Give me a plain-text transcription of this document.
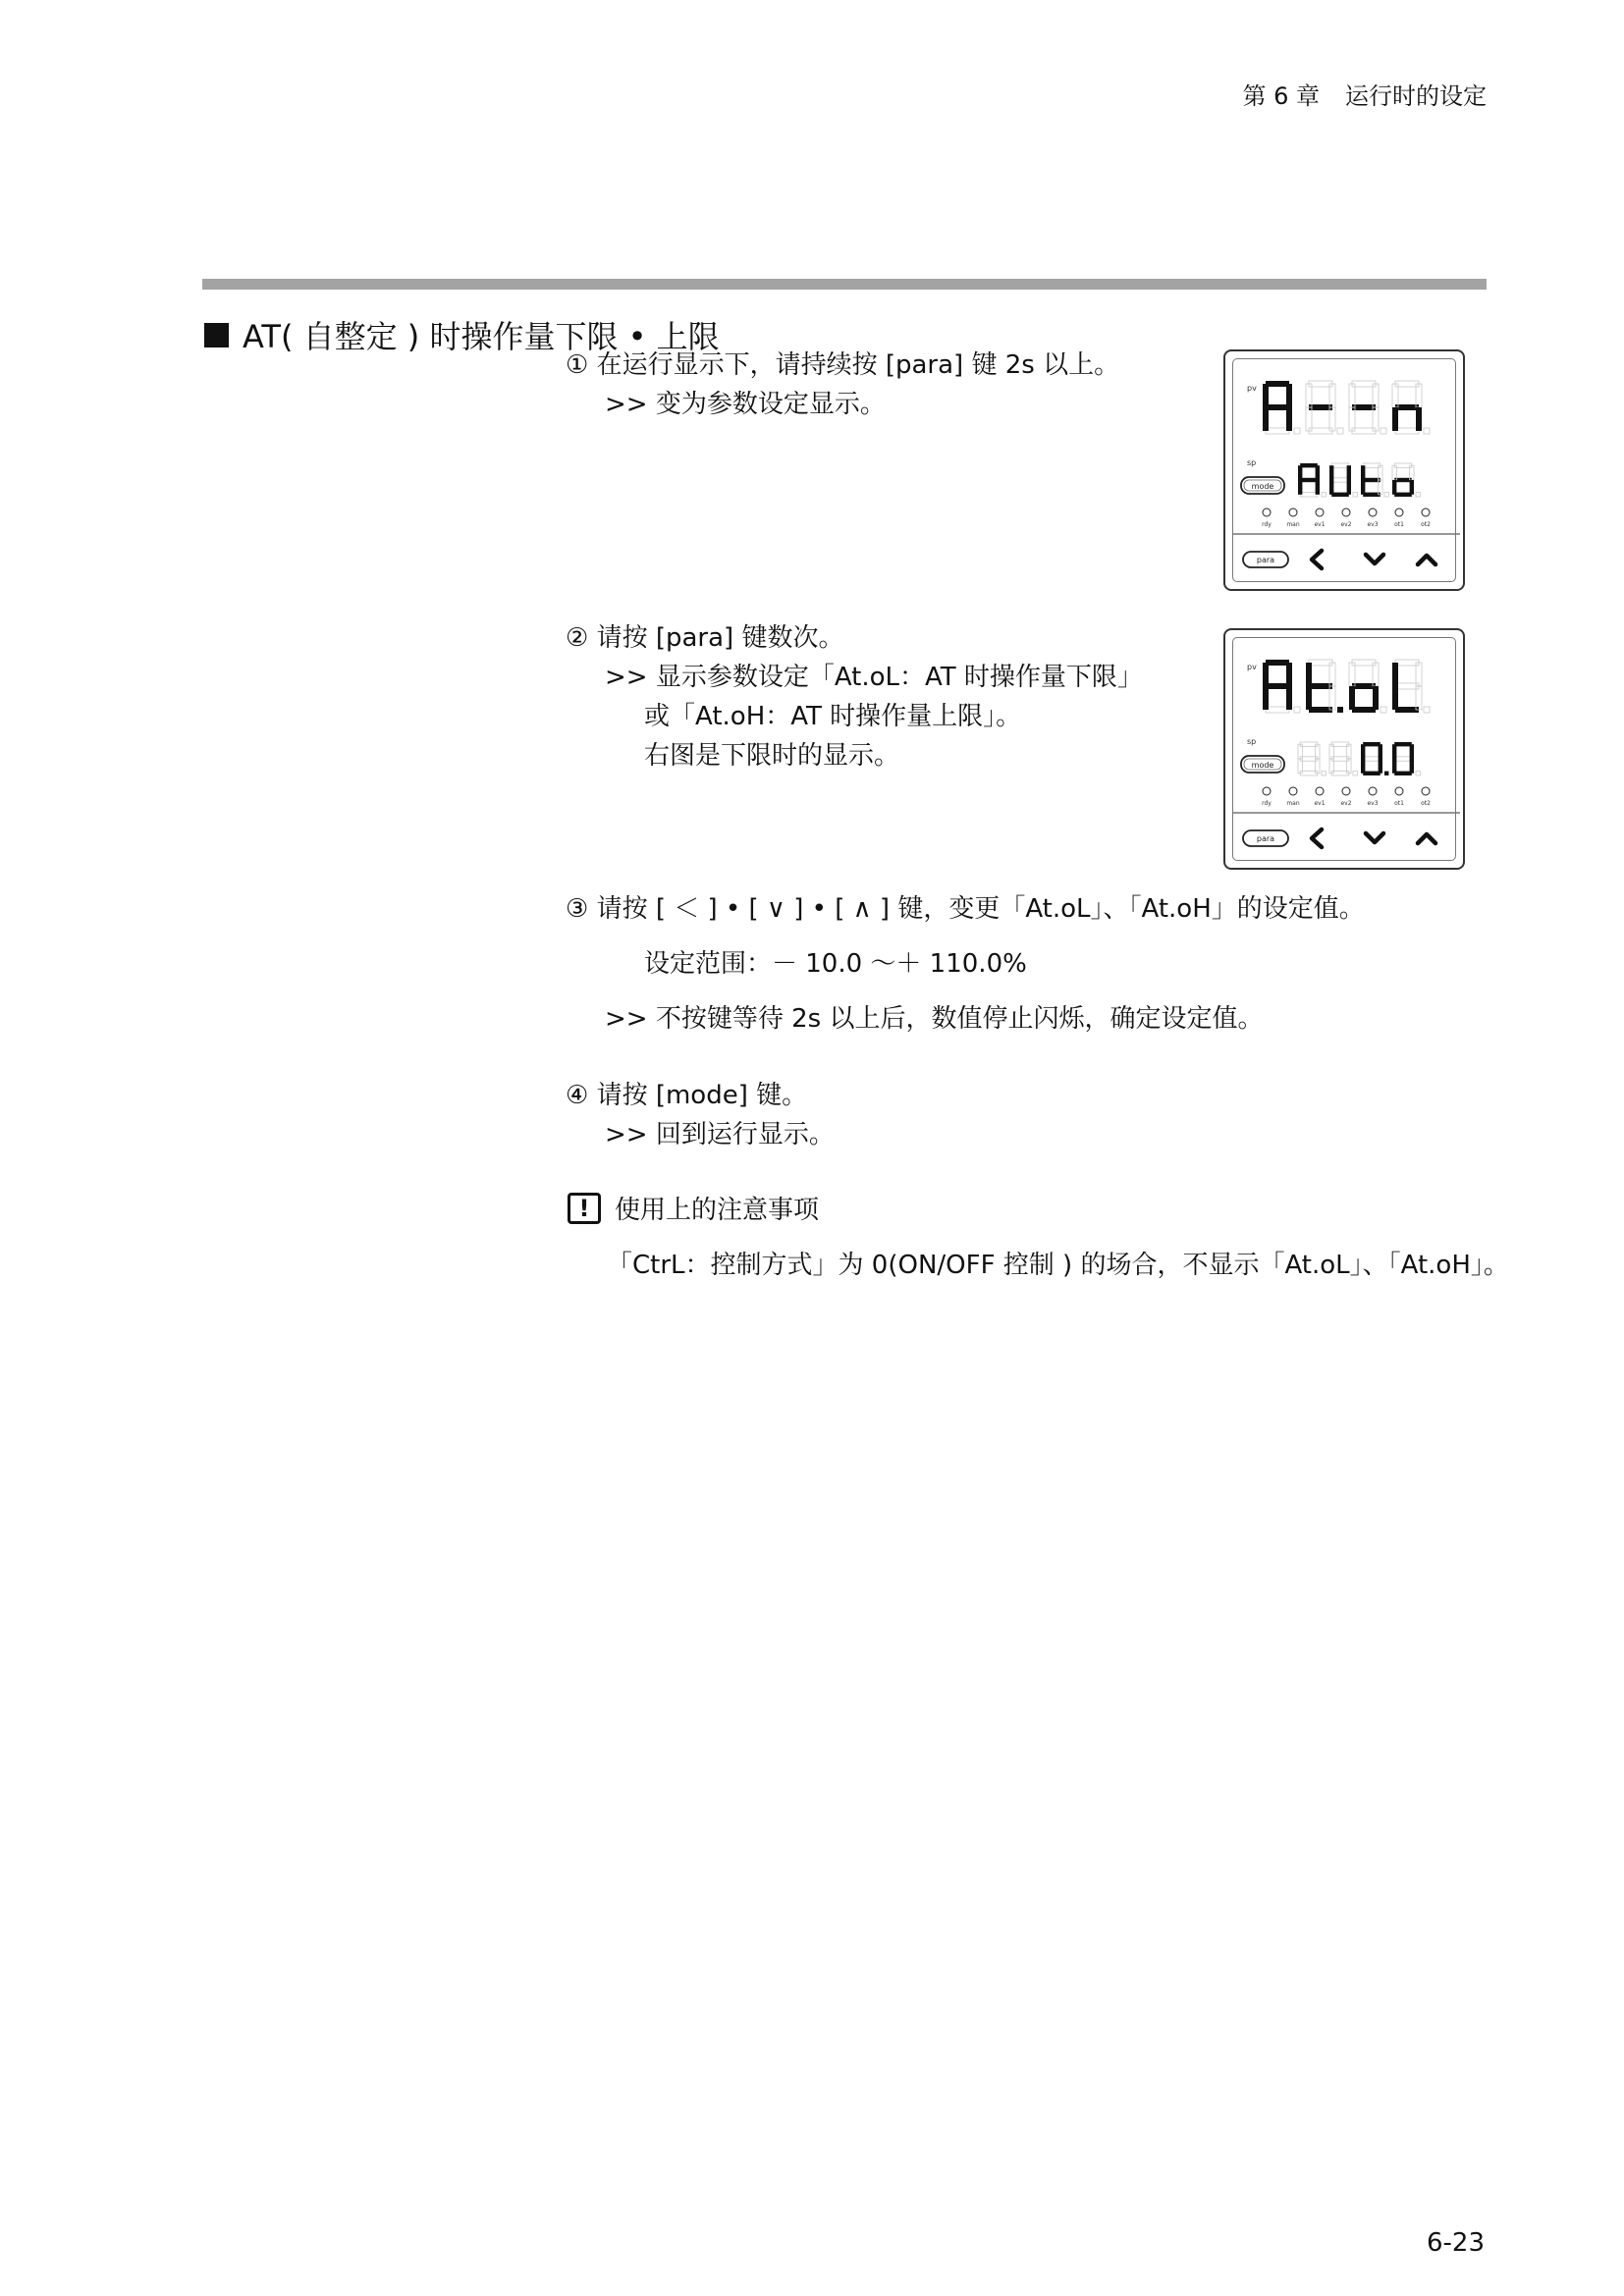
第 6 章 运行时的设定
AT( 自整定 ) 时操作量下限 • 上限
① 在运行显示下，请持续按 [para] 键 2s 以上。
>> 变为参数设定显示。
② 请按 [para] 键数次。
>> 显示参数设定「At.oL：AT 时操作量下限」
或「At.oH：AT 时操作量上限」。
右图是下限时的显示。
③ 请按 [ ＜ ] • [ ∨ ] • [ ∧ ] 键，变更「At.oL」、「At.oH」的设定值。
设定范围：－ 10.0 ～＋ 110.0%
>> 不按键等待 2s 以上后，数值停止闪烁，确定设定值。
④ 请按 [mode] 键。
>> 回到运行显示。
! 使用上的注意事项
「CtrL：控制方式」为 0(ON/OFF 控制 ) 的场合，不显示「At.oL」、「At.oH」。
pv
sp
mode
rdy	man ev1	ev2	ev3	ot1	ot2
para
pv
sp
mode
rdy	man ev1	ev2	ev3	ot1	ot2
para
6-23
